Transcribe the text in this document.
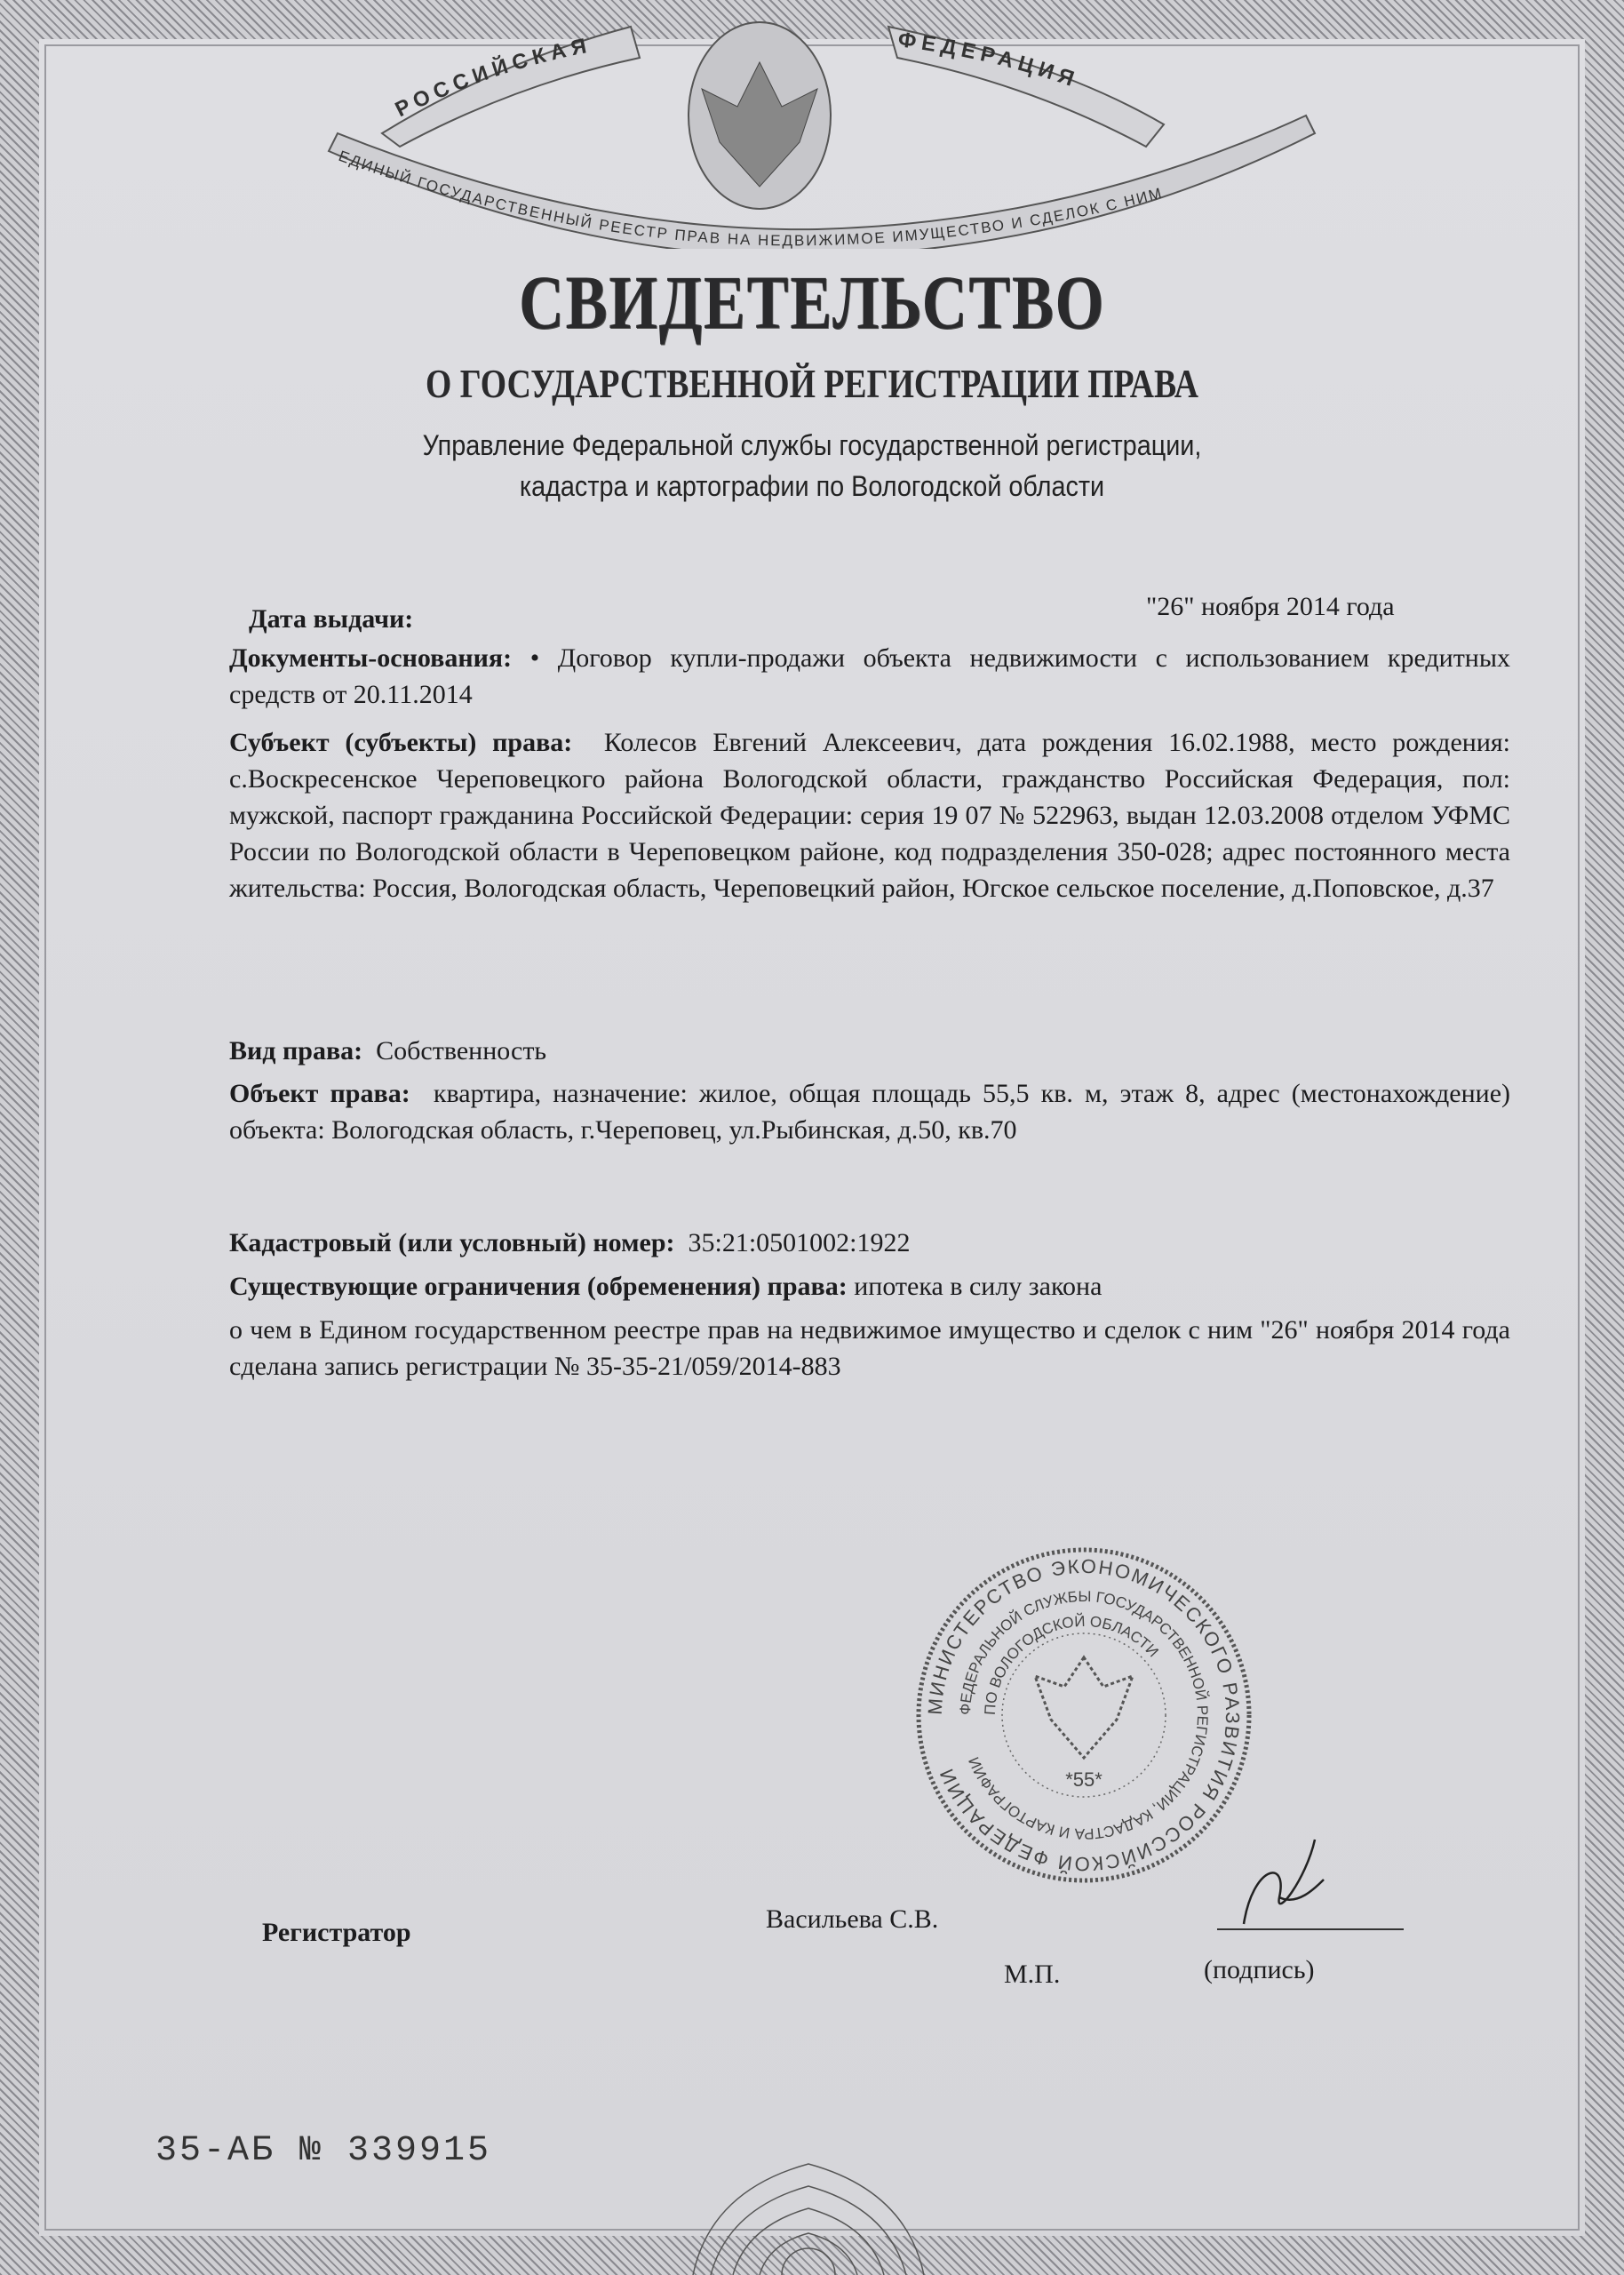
РОССИЙСКАЯ	ФЕДЕРАЦИЯ
ЕДИНЫЙ ГОСУДАРСТВЕННЫЙ РЕЕСТР ПРАВ НА НЕДВИЖИМОЕ ИМУЩЕСТВО И СДЕЛОК С НИМ
СВИДЕТЕЛЬСТВО
О ГОСУДАРСТВЕННОЙ РЕГИСТРАЦИИ ПРАВА
Управление Федеральной службы государственной регистрации,
кадастра и картографии по Вологодской области
Дата выдачи:	"26" ноября 2014 года
Документы-основания: • Договор купли-продажи объекта недвижимости с использованием кредитных средств от 20.11.2014
Субъект (субъекты) права: Колесов Евгений Алексеевич, дата рождения 16.02.1988, место рождения: с.Воскресенское Череповецкого района Вологодской области, гражданство Российская Федерация, пол: мужской, паспорт гражданина Российской Федерации: серия 19 07 № 522963, выдан 12.03.2008 отделом УФМС России по Вологодской области в Череповецком районе, код подразделения 350-028; адрес постоянного места жительства: Россия, Вологодская область, Череповецкий район, Югское сельское поселение, д.Поповское, д.37
Вид права: Собственность
Объект права: квартира, назначение: жилое, общая площадь 55,5 кв. м, этаж 8, адрес (местонахождение) объекта: Вологодская область, г.Череповец, ул.Рыбинская, д.50, кв.70
Кадастровый (или условный) номер: 35:21:0501002:1922
Существующие ограничения (обременения) права: ипотека в силу закона
о чем в Едином государственном реестре прав на недвижимое имущество и сделок с ним "26" ноября 2014 года сделана запись регистрации № 35-35-21/059/2014-883
МИНИСТЕРСТВО ЭКОНОМИЧЕСКОГО РАЗВИТИЯ РОССИЙСКОЙ ФЕДЕРАЦИИ
ФЕДЕРАЛЬНОЙ СЛУЖБЫ ГОСУДАРСТВЕННОЙ РЕГИСТРАЦИИ, КАДАСТРА И КАРТОГРАФИИ
ПО ВОЛОГОДСКОЙ ОБЛАСТИ
*55*
Регистратор	Васильева С.В.
М.П.	(подпись)
35-АБ № 339915
